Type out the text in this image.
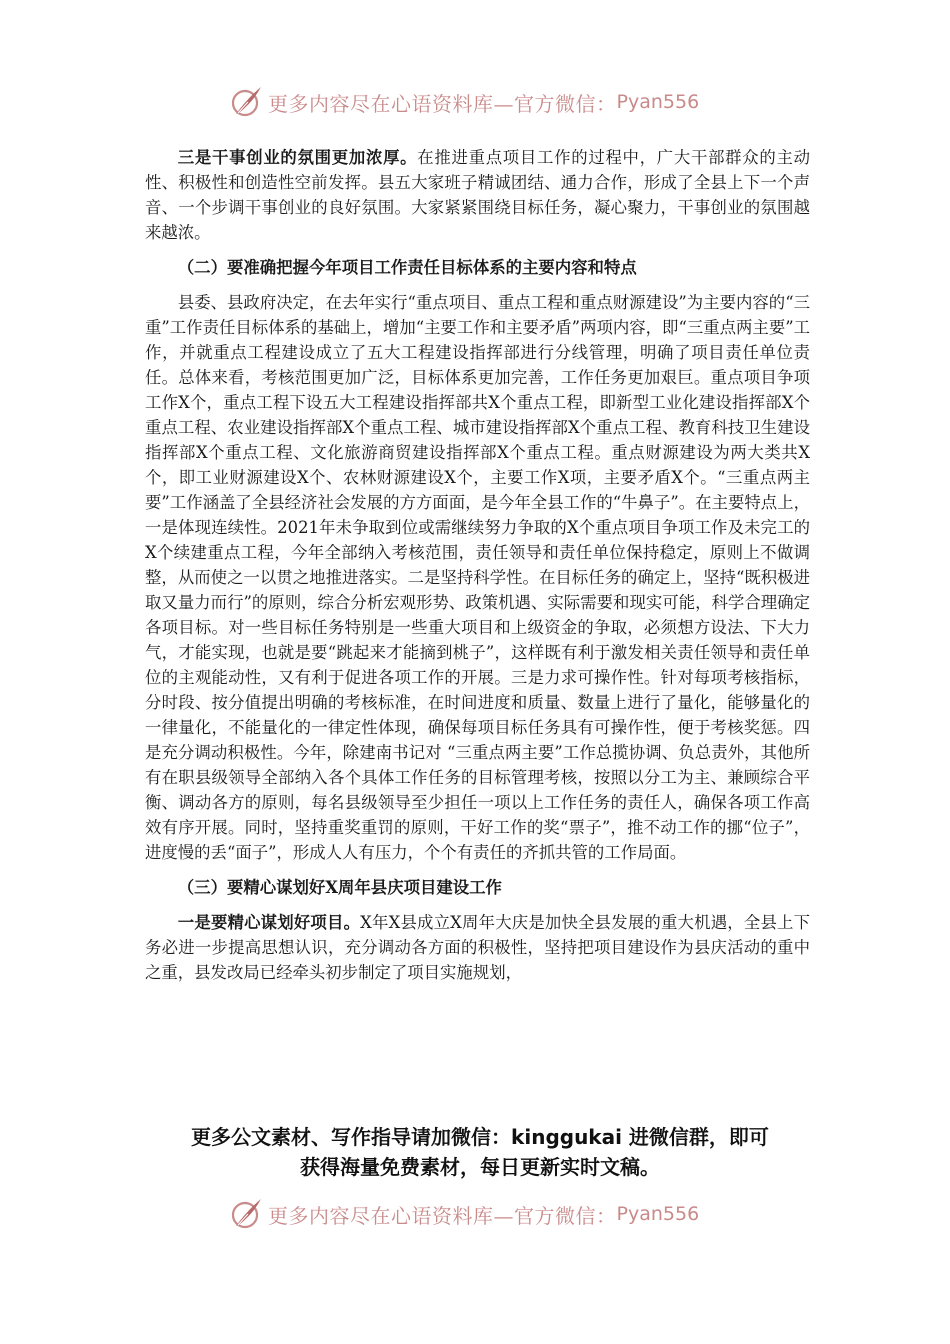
更多内容尽在心语资料库—官方微信： Pyan556

三是干事创业的氛围更加浓厚。在推进重点项目工作的过程中，广大干部群众的主动性、积极性和创造性空前发挥。县五大家班子精诚团结、通力合作，形成了全县上下一个声音、一个步调干事创业的良好氛围。大家紧紧围绕目标任务，凝心聚力，干事创业的氛围越来越浓。

（二）要准确把握今年项目工作责任目标体系的主要内容和特点

县委、县政府决定，在去年实行“重点项目、重点工程和重点财源建设”为主要内容的“三重”工作责任目标体系的基础上，增加“主要工作和主要矛盾”两项内容，即“三重点两主要”工作，并就重点工程建设成立了五大工程建设指挥部进行分线管理，明确了项目责任单位责任。总体来看，考核范围更加广泛，目标体系更加完善，工作任务更加艰巨。重点项目争项工作X个，重点工程下设五大工程建设指挥部共X个重点工程，即新型工业化建设指挥部X个重点工程、农业建设指挥部X个重点工程、城市建设指挥部X个重点工程、教育科技卫生建设指挥部X个重点工程、文化旅游商贸建设指挥部X个重点工程。重点财源建设为两大类共X个，即工业财源建设X个、农林财源建设X个，主要工作X项，主要矛盾X个。“三重点两主要”工作涵盖了全县经济社会发展的方方面面，是今年全县工作的“牛鼻子”。在主要特点上，一是体现连续性。2021年未争取到位或需继续努力争取的X个重点项目争项工作及未完工的X个续建重点工程，今年全部纳入考核范围，责任领导和责任单位保持稳定，原则上不做调整，从而使之一以贯之地推进落实。二是坚持科学性。在目标任务的确定上，坚持“既积极进取又量力而行”的原则，综合分析宏观形势、政策机遇、实际需要和现实可能，科学合理确定各项目标。对一些目标任务特别是一些重大项目和上级资金的争取，必须想方设法、下大力气，才能实现，也就是要“跳起来才能摘到桃子”，这样既有利于激发相关责任领导和责任单位的主观能动性，又有利于促进各项工作的开展。三是力求可操作性。针对每项考核指标，分时段、按分值提出明确的考核标准，在时间进度和质量、数量上进行了量化，能够量化的一律量化，不能量化的一律定性体现，确保每项目标任务具有可操作性，便于考核奖惩。四是充分调动积极性。今年，除建南书记对 “三重点两主要”工作总揽协调、负总责外，其他所有在职县级领导全部纳入各个具体工作任务的目标管理考核，按照以分工为主、兼顾综合平衡、调动各方的原则，每名县级领导至少担任一项以上工作任务的责任人，确保各项工作高效有序开展。同时，坚持重奖重罚的原则，干好工作的奖“票子”，推不动工作的挪“位子”，进度慢的丢“面子”，形成人人有压力，个个有责任的齐抓共管的工作局面。

（三）要精心谋划好X周年县庆项目建设工作

一是要精心谋划好项目。X年X县成立X周年大庆是加快全县发展的重大机遇，全县上下务必进一步提高思想认识，充分调动各方面的积极性，坚持把项目建设作为县庆活动的重中之重，县发改局已经牵头初步制定了项目实施规划，

更多公文素材、写作指导请加微信：kinggukai 进微信群，即可
获得海量免费素材，每日更新实时文稿。
更多内容尽在心语资料库—官方微信： Pyan556
